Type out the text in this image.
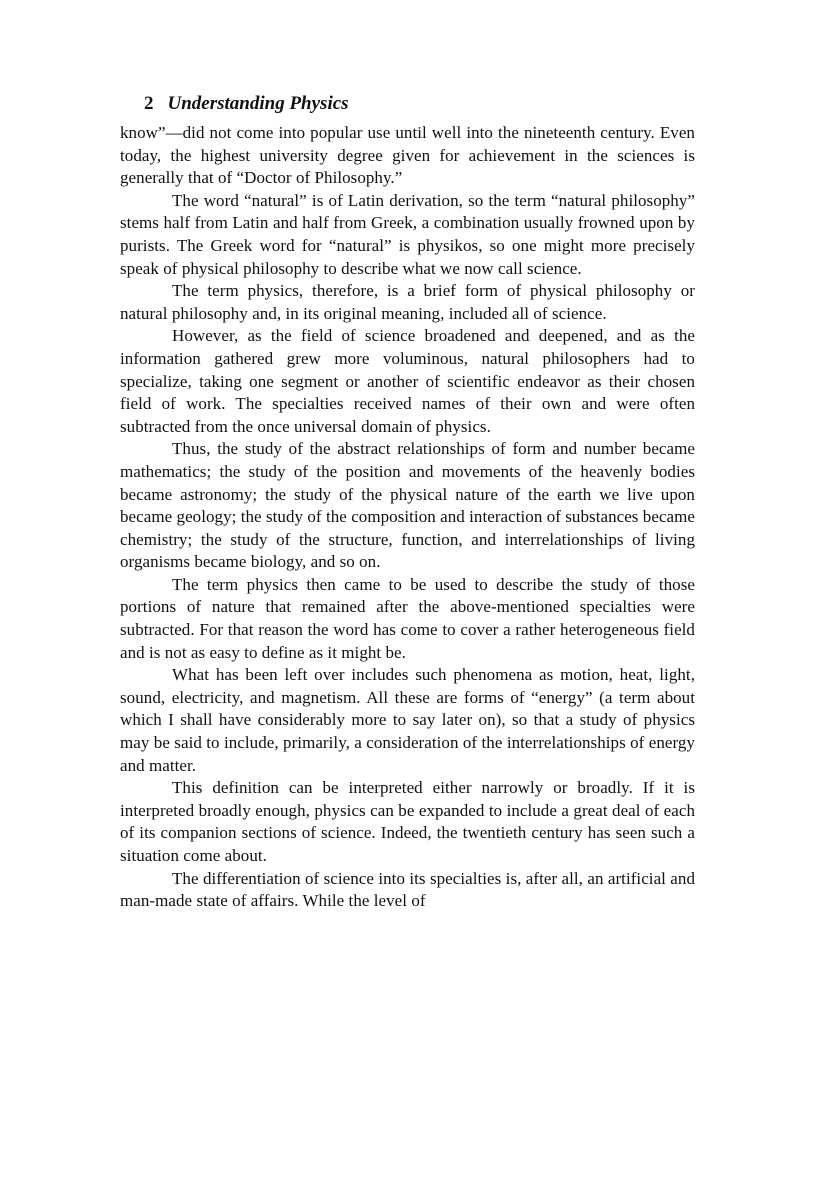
2 Understanding Physics

know”—did not come into popular use until well into the nineteenth century. Even today, the highest university degree given for achievement in the sciences is generally that of “Doctor of Philosophy.”

The word “natural” is of Latin derivation, so the term “natural philosophy” stems half from Latin and half from Greek, a combination usually frowned upon by purists. The Greek word for “natural” is physikos, so one might more precisely speak of physical philosophy to describe what we now call science.

The term physics, therefore, is a brief form of physical philosophy or natural philosophy and, in its original meaning, included all of science.

However, as the field of science broadened and deepened, and as the information gathered grew more voluminous, natural philosophers had to specialize, taking one segment or another of scientific endeavor as their chosen field of work. The specialties received names of their own and were often subtracted from the once universal domain of physics.

Thus, the study of the abstract relationships of form and number became mathematics; the study of the position and movements of the heavenly bodies became astronomy; the study of the physical nature of the earth we live upon became geology; the study of the composition and interaction of substances became chemistry; the study of the structure, function, and interrelationships of living organisms became biology, and so on.

The term physics then came to be used to describe the study of those portions of nature that remained after the above-mentioned specialties were subtracted. For that reason the word has come to cover a rather heterogeneous field and is not as easy to define as it might be.

What has been left over includes such phenomena as motion, heat, light, sound, electricity, and magnetism. All these are forms of “energy” (a term about which I shall have considerably more to say later on), so that a study of physics may be said to include, primarily, a consideration of the interrelationships of energy and matter.

This definition can be interpreted either narrowly or broadly. If it is interpreted broadly enough, physics can be expanded to include a great deal of each of its companion sections of science. Indeed, the twentieth century has seen such a situation come about.

The differentiation of science into its specialties is, after all, an artificial and man-made state of affairs. While the level of
